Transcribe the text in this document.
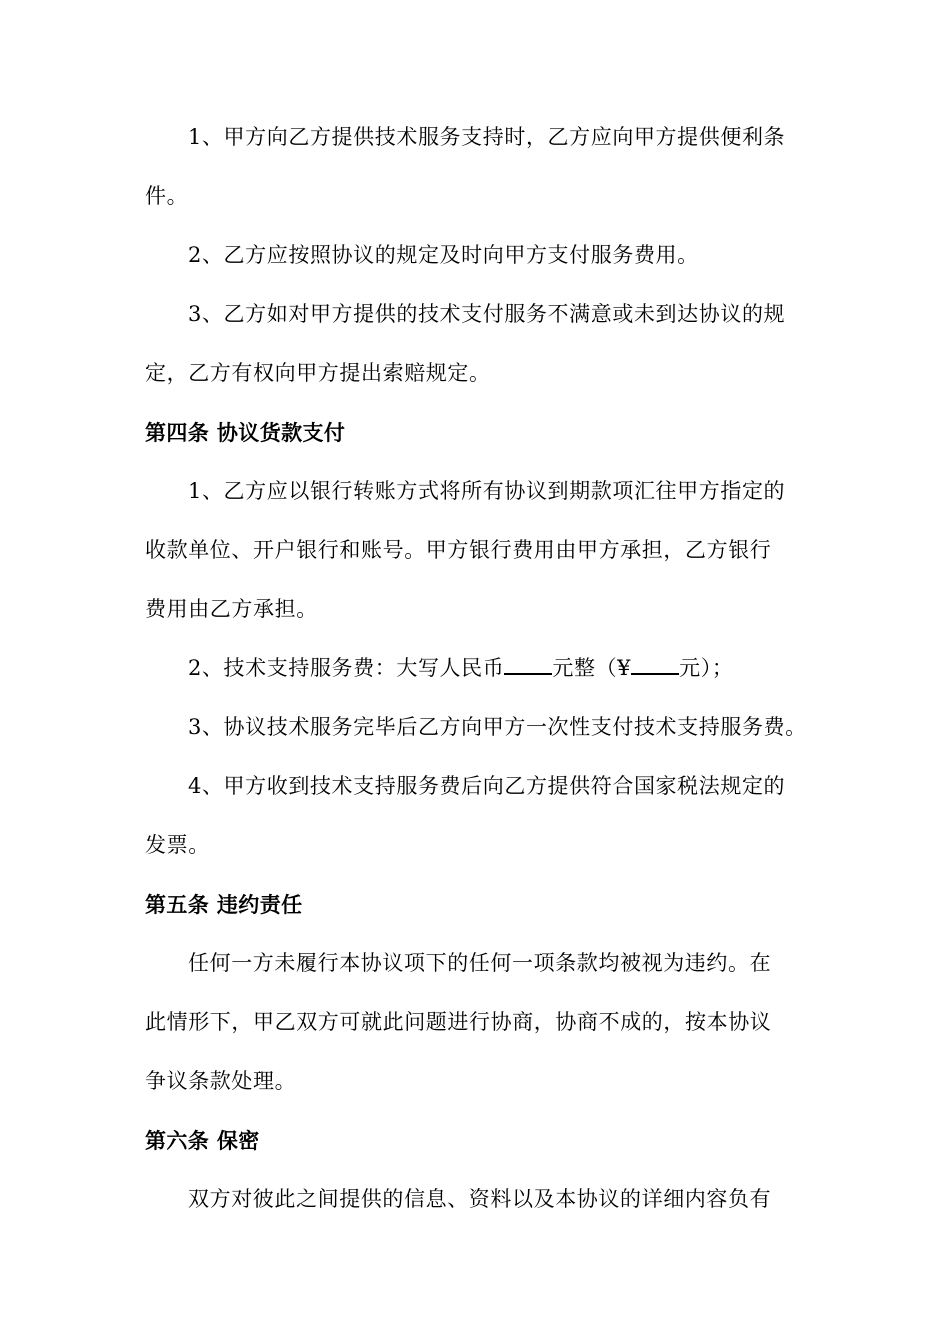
1、甲方向乙方提供技术服务支持时，乙方应向甲方提供便利条
件。
2、乙方应按照协议的规定及时向甲方支付服务费用。
3、乙方如对甲方提供的技术支付服务不满意或未到达协议的规
定，乙方有权向甲方提出索赔规定。
第四条 协议货款支付
1、乙方应以银行转账方式将所有协议到期款项汇往甲方指定的
收款单位、开户银行和账号。甲方银行费用由甲方承担，乙方银行
费用由乙方承担。
2、技术支持服务费：大写人民币 元整（¥ 元）；
3、协议技术服务完毕后乙方向甲方一次性支付技术支持服务费。
4、甲方收到技术支持服务费后向乙方提供符合国家税法规定的
发票。
第五条 违约责任
任何一方未履行本协议项下的任何一项条款均被视为违约。在
此情形下，甲乙双方可就此问题进行协商，协商不成的，按本协议
争议条款处理。
第六条 保密
双方对彼此之间提供的信息、资料以及本协议的详细内容负有
